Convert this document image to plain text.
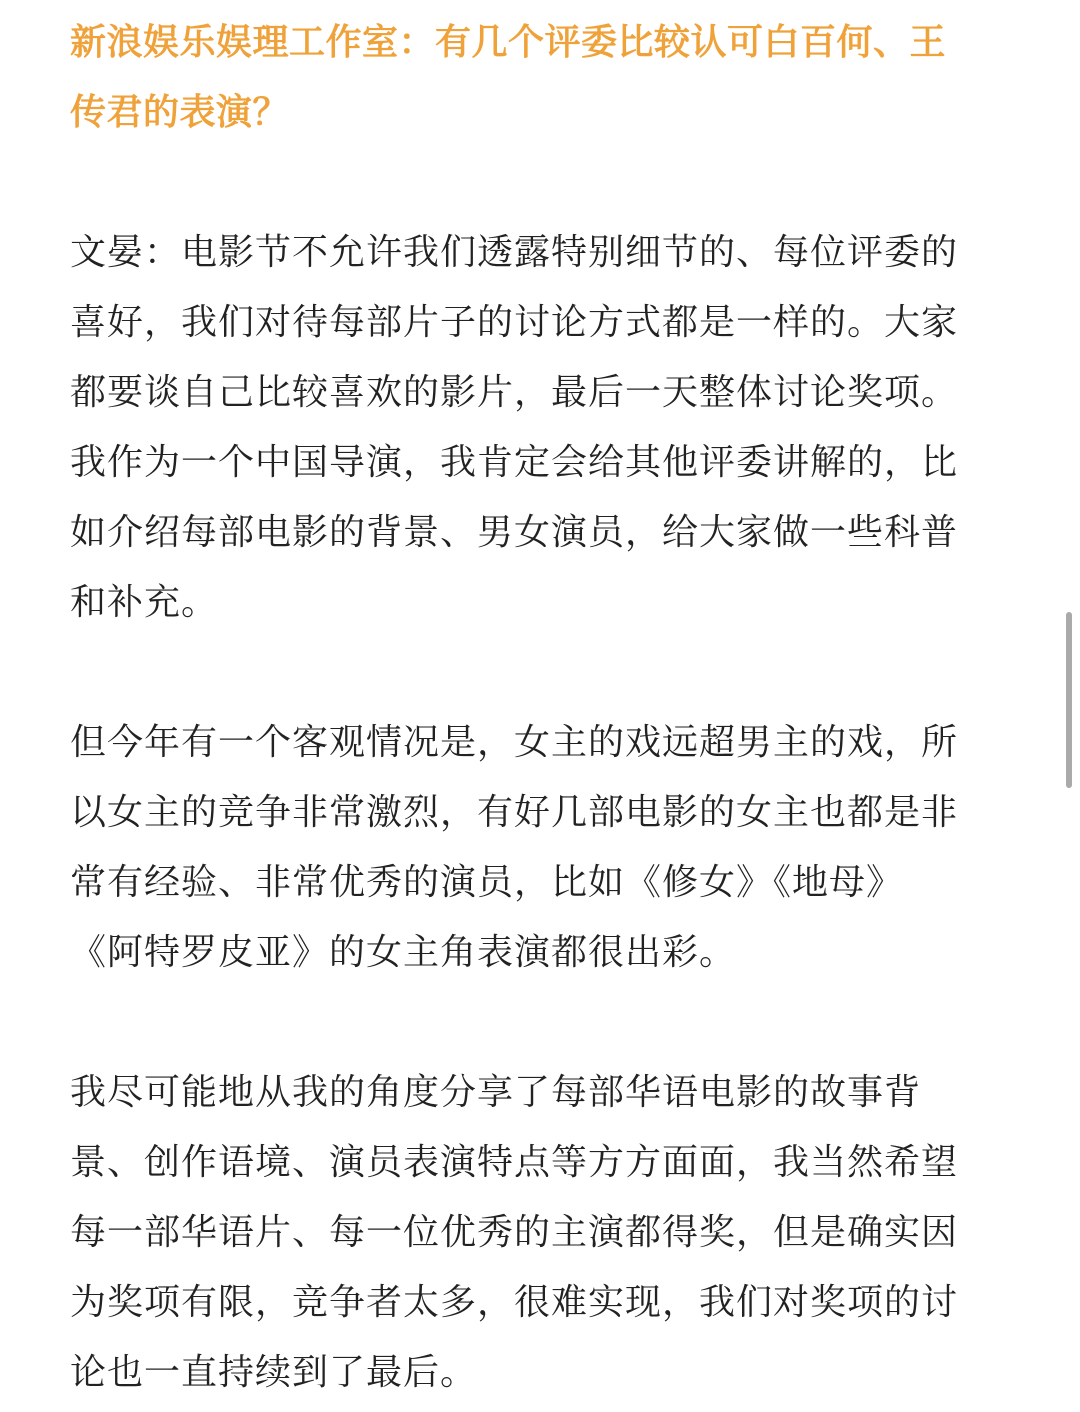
新浪娱乐娱理工作室：有几个评委比较认可白百何、王
传君的表演？

文晏：电影节不允许我们透露特别细节的、每位评委的
喜好，我们对待每部片子的讨论方式都是一样的。大家
都要谈自己比较喜欢的影片，最后一天整体讨论奖项。
我作为一个中国导演，我肯定会给其他评委讲解的，比
如介绍每部电影的背景、男女演员，给大家做一些科普
和补充。

但今年有一个客观情况是，女主的戏远超男主的戏，所
以女主的竞争非常激烈，有好几部电影的女主也都是非
常有经验、非常优秀的演员，比如《修女》《地母》
《阿特罗皮亚》的女主角表演都很出彩。

我尽可能地从我的角度分享了每部华语电影的故事背
景、创作语境、演员表演特点等方方面面，我当然希望
每一部华语片、每一位优秀的主演都得奖，但是确实因
为奖项有限，竞争者太多，很难实现，我们对奖项的讨
论也一直持续到了最后。
